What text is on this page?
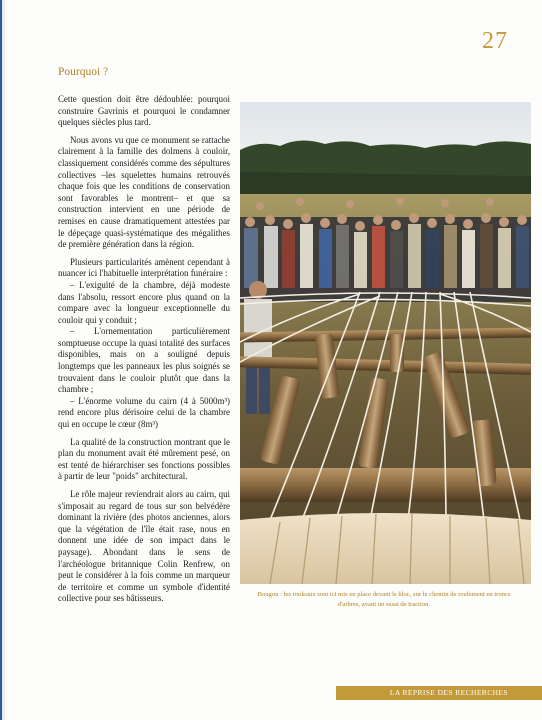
27
Pourquoi ?

Cette question doit être dédoublée: pourquoi construire Gavrinis et pourquoi le condamner quelques siècles plus tard.

Nous avons vu que ce monument se rattache clairement à la famille des dolmens à couloir, classiquement considérés comme des sépultures collectives –les squelettes humains retrouvés chaque fois que les conditions de conservation sont favorables le montrent– et que sa construction intervient en une période de remises en cause dramatiquement attestées par le dépeçage quasi-systématique des mégalithes de première génération dans la région.

Plusieurs particularités amènent cependant à nuancer ici l'habituelle interprétation funéraire :

– L'exiguïté de la chambre, déjà modeste dans l'absolu, ressort encore plus quand on la compare avec la longueur exceptionnelle du couloir qui y conduit ;

– L'ornementation particulièrement somptueuse occupe la quasi totalité des surfaces disponibles, mais on a souligné depuis longtemps que les panneaux les plus soignés se trouvaient dans le couloir plutôt que dans la chambre ;

– L'énorme volume du cairn (4 à 5000m³) rend encore plus dérisoire celui de la chambre qui en occupe le cœur (8m³)

La qualité de la construction montrant que le plan du monument avait été mûrement pesé, on est tenté de hiérarchiser ses fonctions possibles à partir de leur "poids" architectural.

Le rôle majeur reviendrait alors au cairn, qui s'imposait au regard de tous sur son belvédère dominant la rivière (des photos anciennes, alors que la végétation de l'île était rase, nous en donnent une idée de son impact dans le paysage). Abondant dans le sens de l'archéologue britannique Colin Renfrew, on peut le considérer à la fois comme un marqueur de territoire et comme un symbole d'identité collective pour ses bâtisseurs.	Bougon : les rouleaux sont ici mis en place devant le bloc, sur le chemin de roulement en troncs d'arbres, avant un essai de traction.

LA REPRISE DES RECHERCHES
